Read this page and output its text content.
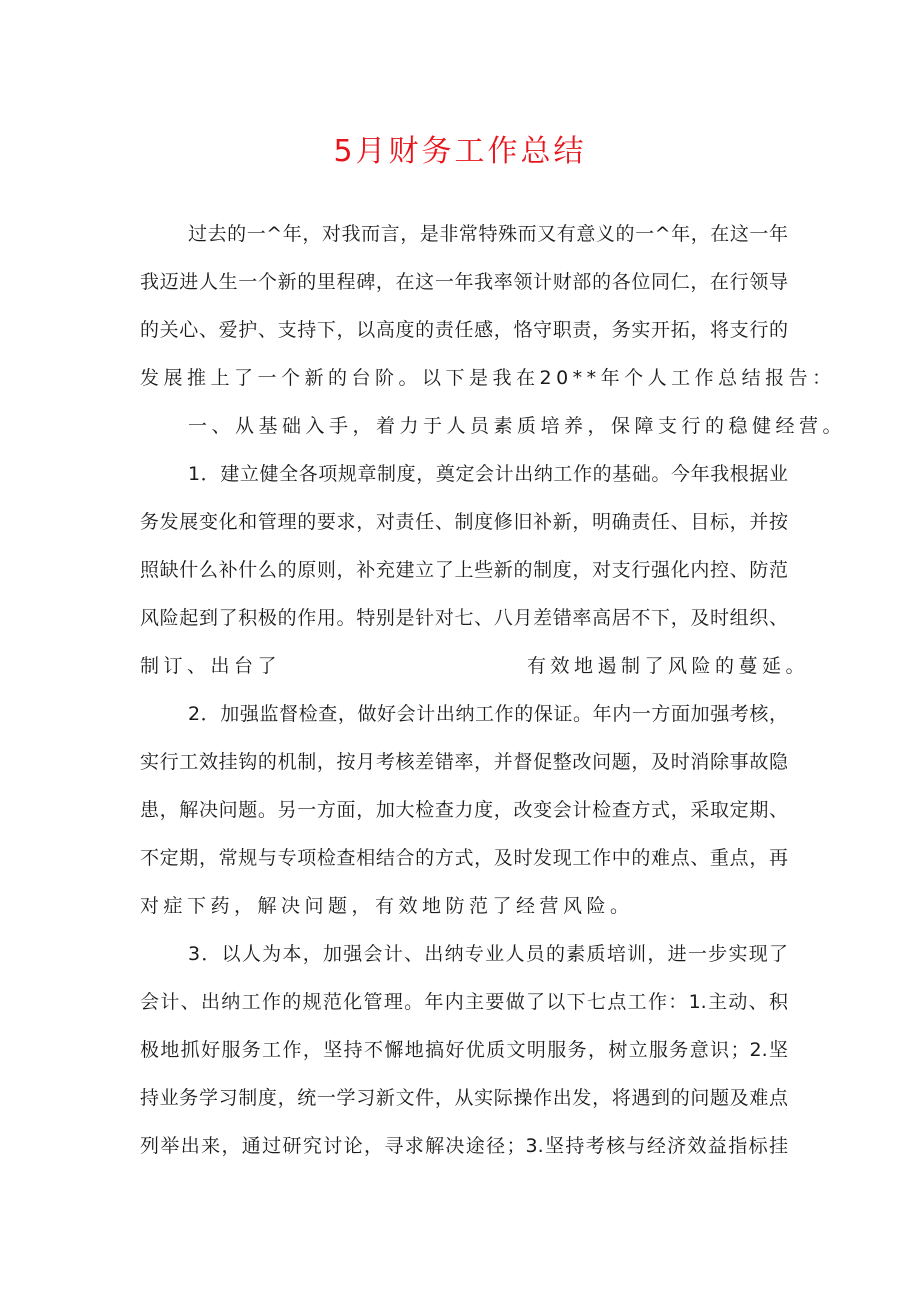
5月财务工作总结
过去的一^年，对我而言，是非常特殊而又有意义的一^年，在这一年
我迈进人生一个新的里程碑，在这一年我率领计财部的各位同仁，在行领导
的关心、爱护、支持下，以高度的责任感，恪守职责，务实开拓，将支行的
发展推上了一个新的台阶。以下是我在20**年个人工作总结报告：
一、从基础入手，着力于人员素质培养，保障支行的稳健经营。
1．建立健全各项规章制度，奠定会计出纳工作的基础。今年我根据业
务发展变化和管理的要求，对责任、制度修旧补新，明确责任、目标，并按
照缺什么补什么的原则，补充建立了上些新的制度，对支行强化内控、防范
风险起到了积极的作用。特别是针对七、八月差错率高居不下，及时组织、
制订、出台了	有效地遏制了风险的蔓延。
2．加强监督检查，做好会计出纳工作的保证。年内一方面加强考核，
实行工效挂钩的机制，按月考核差错率，并督促整改问题，及时消除事故隐
患，解决问题。另一方面，加大检查力度，改变会计检查方式，采取定期、
不定期，常规与专项检查相结合的方式，及时发现工作中的难点、重点，再
对症下药，解决问题，有效地防范了经营风险。
3．以人为本，加强会计、出纳专业人员的素质培训，进一步实现了
会计、出纳工作的规范化管理。年内主要做了以下七点工作：1.主动、积
极地抓好服务工作，坚持不懈地搞好优质文明服务，树立服务意识；2.坚
持业务学习制度，统一学习新文件，从实际操作出发，将遇到的问题及难点
列举出来，通过研究讨论，寻求解决途径；3.坚持考核与经济效益指标挂
